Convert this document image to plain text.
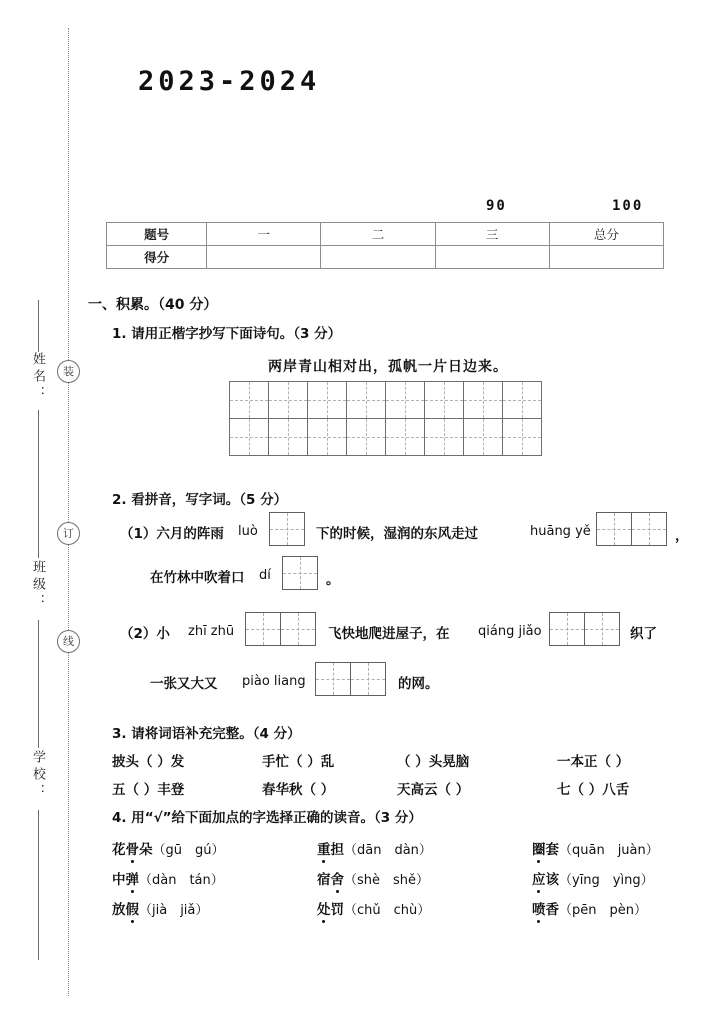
装
订
线
姓名：
班级：
学校：
2023-2024
90	100
题号	一	二	三	总分
得分				
一、积累。（40 分）
1. 请用正楷字抄写下面诗句。（3 分）
两岸青山相对出，孤帆一片日边来。
2. 看拼音，写字词。（5 分）
（1）六月的阵雨 luò	下的时候，湿润的东风走过	huāng yě	，
在竹林中吹着口 dí	。
（2）小 zhī zhū	飞快地爬进屋子，在 qiáng jiǎo	织了
一张又大又 piào liang	的网。
3. 请将词语补充完整。（4 分）
披头（ ）发	手忙（ ）乱	（ ）头晃脑	一本正（ ）
五（ ）丰登	春华秋（ ）	天高云（ ）	七（ ）八舌
4. 用“√”给下面加点的字选择正确的读音。（3 分）
花骨朵（gū　gú）	重担（dān　dàn）	圈套（quān　juàn）
中弹（dàn　tán）	宿舍（shè　shě）	应该（yīng　yìng）
放假（jià　jiǎ）	处罚（chǔ　chù）	喷香（pēn　pèn）
